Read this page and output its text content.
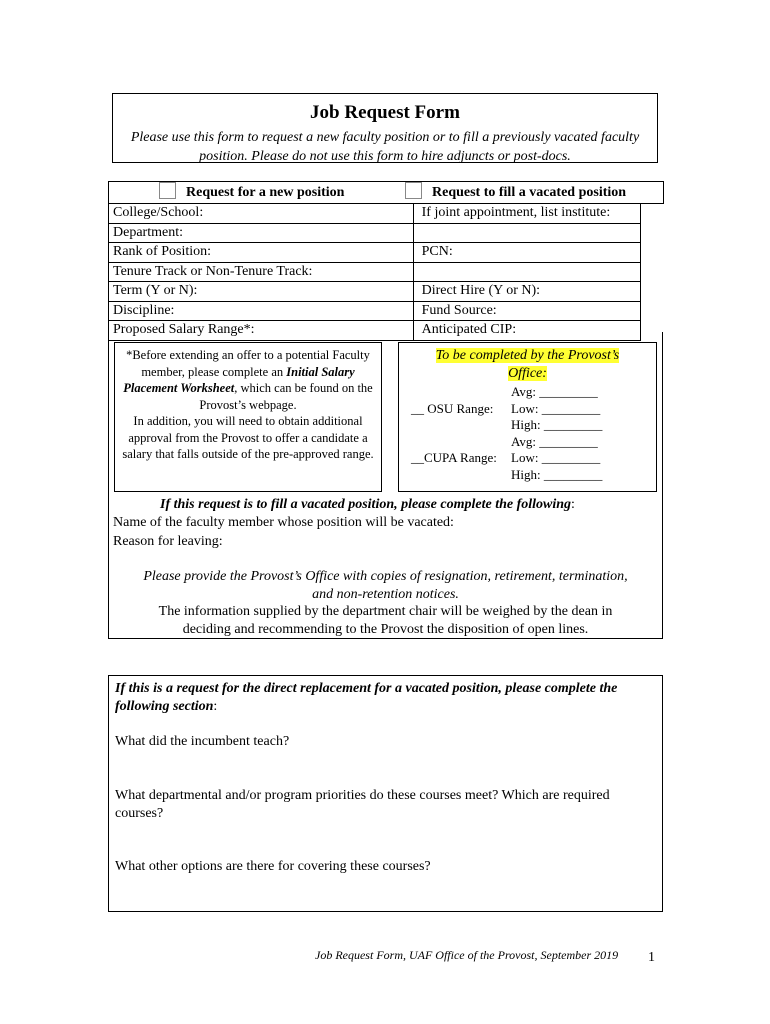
Job Request Form
Please use this form to request a new faculty position or to fill a previously vacated faculty position. Please do not use this form to hire adjuncts or post-docs.
Request for a new position	Request to fill a vacated position
College/School:	If joint appointment, list institute:
Department:	
Rank of Position:	PCN:
Tenure Track or Non-Tenure Track:	
Term (Y or N):	Direct Hire (Y or N):
Discipline:	Fund Source:
Proposed Salary Range*:	Anticipated CIP:
*Before extending an offer to a potential Faculty member, please complete an Initial Salary Placement Worksheet, which can be found on the Provost’s webpage.
In addition, you will need to obtain additional approval from the Provost to offer a candidate a salary that falls outside of the pre-approved range.
To be completed by the Provost’s
Office:
__ OSU Range:
Avg: _________
Low: _________
High: _________
__CUPA Range:
Avg: _________
Low: _________
High: _________
If this request is to fill a vacated position, please complete the following:
Name of the faculty member whose position will be vacated:
Reason for leaving:
Please provide the Provost’s Office with copies of resignation, retirement, termination,
and non-retention notices.
The information supplied by the department chair will be weighed by the dean in
deciding and recommending to the Provost the disposition of open lines.
If this is a request for the direct replacement for a vacated position, please complete the
following section:
What did the incumbent teach?
What departmental and/or program priorities do these courses meet? Which are required
courses?
What other options are there for covering these courses?
Job Request Form, UAF Office of the Provost, September 2019 1
